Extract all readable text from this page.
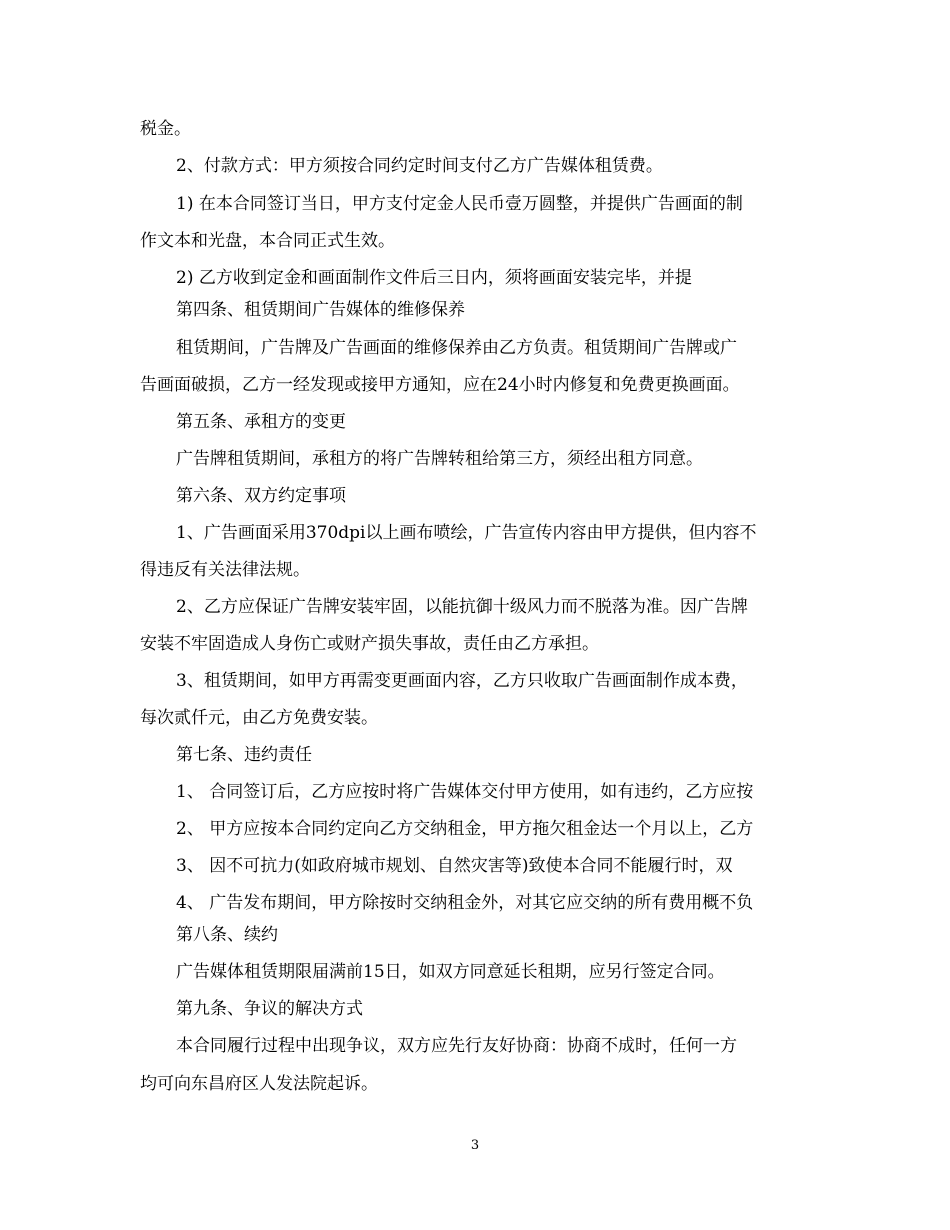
税金。
2、付款方式：甲方须按合同约定时间支付乙方广告媒体租赁费。
1) 在本合同签订当日，甲方支付定金人民币壹万圆整，并提供广告画面的制
作文本和光盘，本合同正式生效。
2) 乙方收到定金和画面制作文件后三日内，须将画面安装完毕，并提
第四条、租赁期间广告媒体的维修保养
租赁期间，广告牌及广告画面的维修保养由乙方负责。租赁期间广告牌或广
告画面破损，乙方一经发现或接甲方通知，应在24小时内修复和免费更换画面。
第五条、承租方的变更
广告牌租赁期间，承租方的将广告牌转租给第三方，须经出租方同意。
第六条、双方约定事项
1、广告画面采用370dpi以上画布喷绘，广告宣传内容由甲方提供，但内容不
得违反有关法律法规。
2、乙方应保证广告牌安装牢固，以能抗御十级风力而不脱落为准。因广告牌
安装不牢固造成人身伤亡或财产损失事故，责任由乙方承担。
3、租赁期间，如甲方再需变更画面内容，乙方只收取广告画面制作成本费，
每次贰仟元，由乙方免费安装。
第七条、违约责任
1、 合同签订后，乙方应按时将广告媒体交付甲方使用，如有违约，乙方应按
2、 甲方应按本合同约定向乙方交纳租金，甲方拖欠租金达一个月以上，乙方
3、 因不可抗力(如政府城市规划、自然灾害等)致使本合同不能履行时，双
4、 广告发布期间，甲方除按时交纳租金外，对其它应交纳的所有费用概不负
第八条、续约
广告媒体租赁期限届满前15日，如双方同意延长租期，应另行签定合同。
第九条、争议的解决方式
本合同履行过程中出现争议，双方应先行友好协商：协商不成时，任何一方
均可向东昌府区人发法院起诉。
3
